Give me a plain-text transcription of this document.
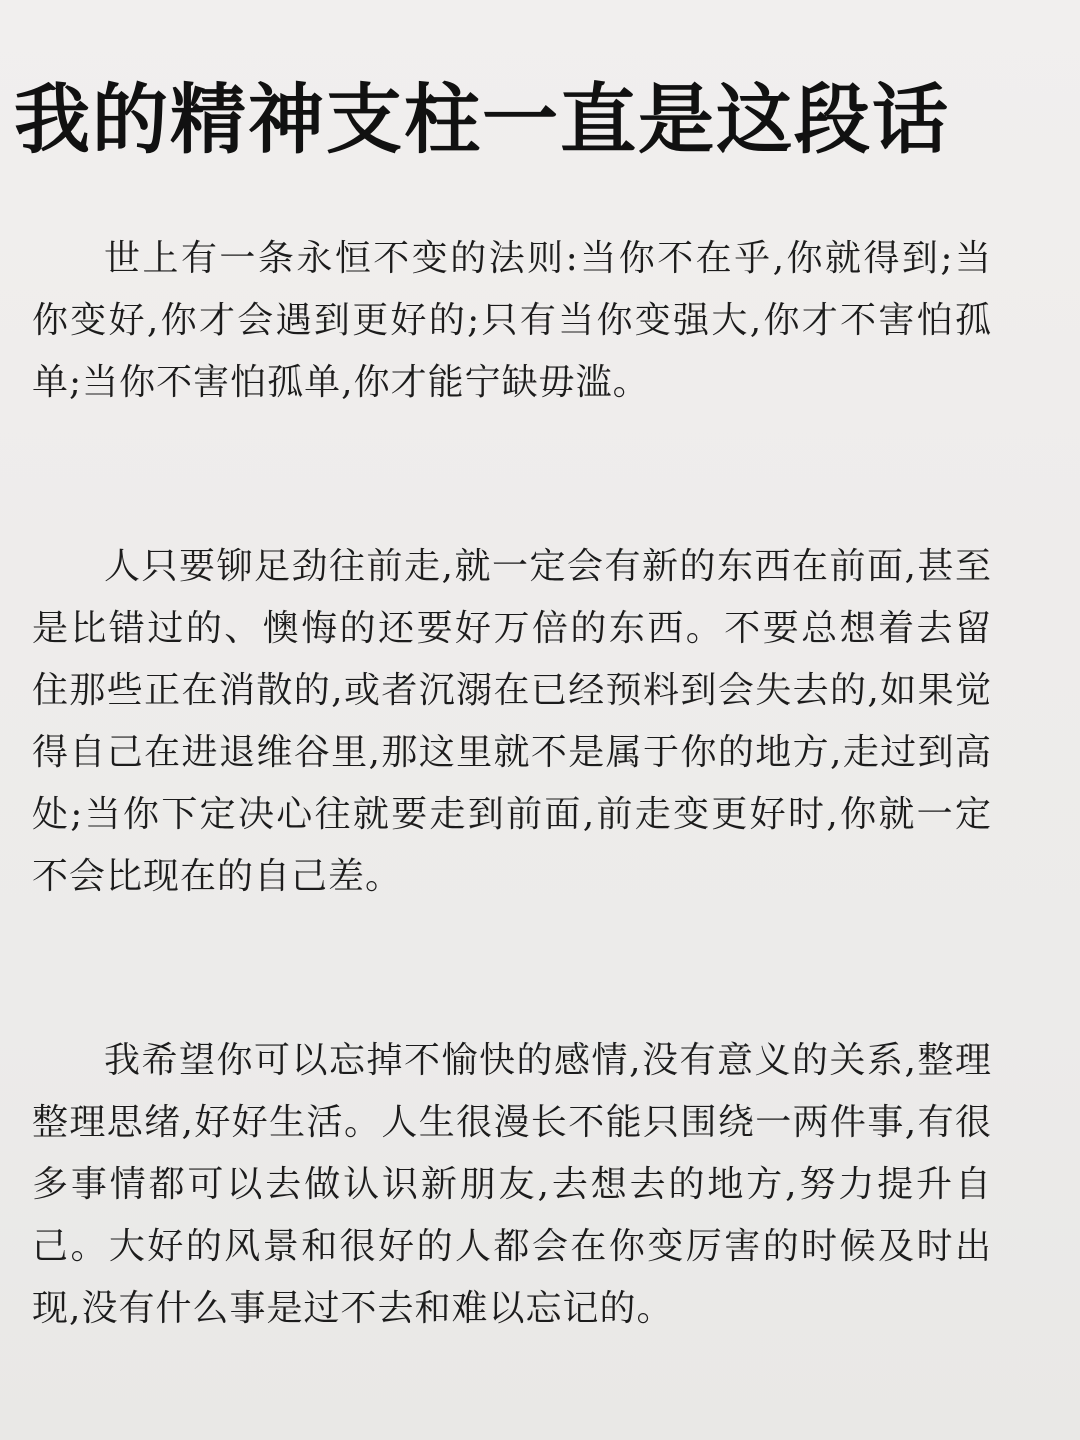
我的精神支柱一直是这段话

世上有一条永恒不变的法则:当你不在乎,你就得到;当你变好,你才会遇到更好的;只有当你变强大,你才不害怕孤单;当你不害怕孤单,你才能宁缺毋滥。

人只要铆足劲往前走,就一定会有新的东西在前面,甚至是比错过的、懊悔的还要好万倍的东西。不要总想着去留住那些正在消散的,或者沉溺在已经预料到会失去的,如果觉得自己在进退维谷里,那这里就不是属于你的地方,走过到高处;当你下定决心往就要走到前面,前走变更好时,你就一定不会比现在的自己差。

我希望你可以忘掉不愉快的感情,没有意义的关系,整理整理思绪,好好生活。人生很漫长不能只围绕一两件事,有很多事情都可以去做认识新朋友,去想去的地方,努力提升自己。大好的风景和很好的人都会在你变厉害的时候及时出现,没有什么事是过不去和难以忘记的。
